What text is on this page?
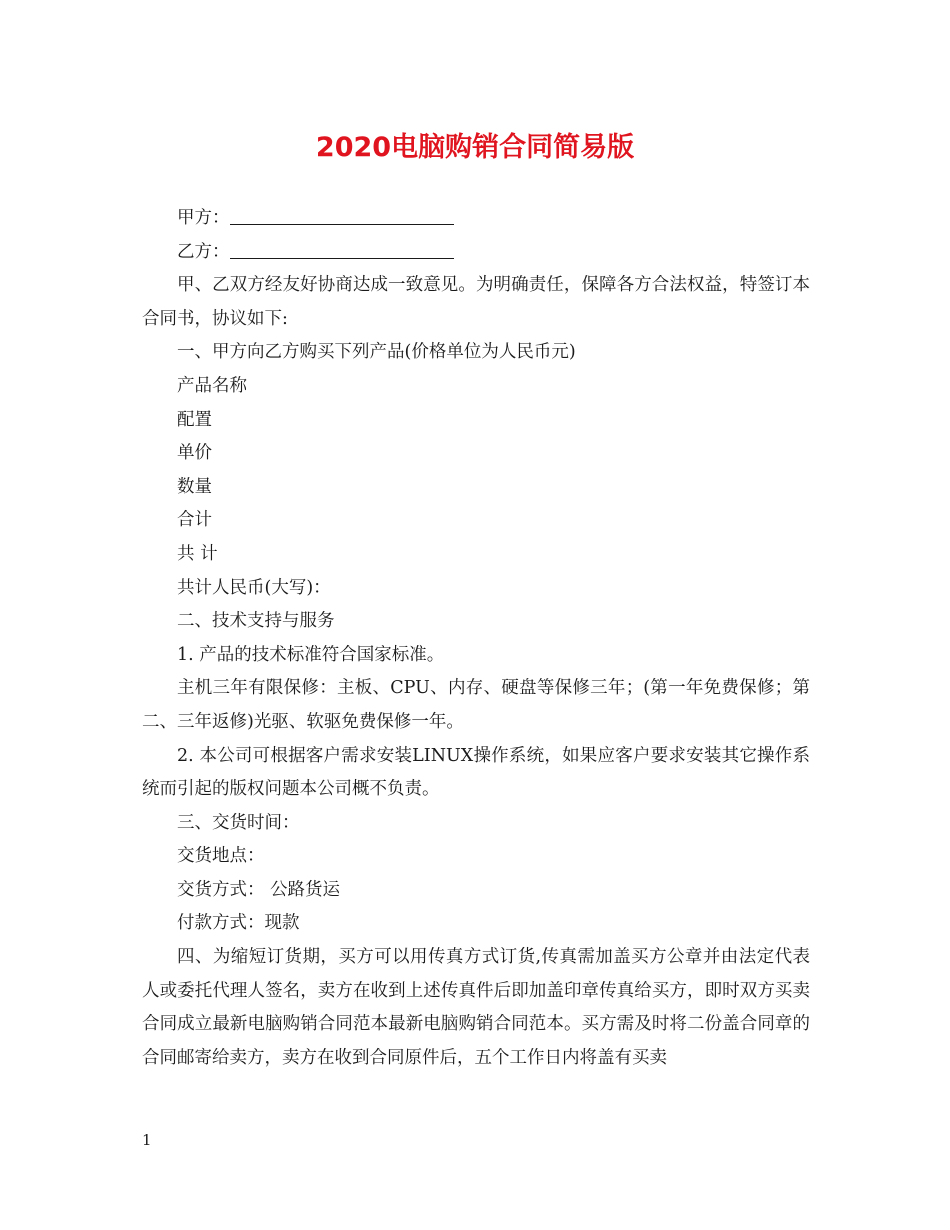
2020电脑购销合同简易版

甲方：

乙方：

甲、乙双方经友好协商达成一致意见。为明确责任，保障各方合法权益，特签订本合同书，协议如下:

一、甲方向乙方购买下列产品(价格单位为人民币元)

产品名称

配置

单价

数量

合计

共 计

共计人民币(大写)：

二、技术支持与服务

1. 产品的技术标准符合国家标准。

主机三年有限保修：主板、CPU、内存、硬盘等保修三年；(第一年免费保修；第二、三年返修)光驱、软驱免费保修一年。

2. 本公司可根据客户需求安装LINUX操作系统，如果应客户要求安装其它操作系统而引起的版权问题本公司概不负责。

三、交货时间：

交货地点：

交货方式： 公路货运

付款方式：现款

四、为缩短订货期，买方可以用传真方式订货,传真需加盖买方公章并由法定代表人或委托代理人签名，卖方在收到上述传真件后即加盖印章传真给买方，即时双方买卖合同成立最新电脑购销合同范本最新电脑购销合同范本。买方需及时将二份盖合同章的合同邮寄给卖方，卖方在收到合同原件后，五个工作日内将盖有买卖

1
